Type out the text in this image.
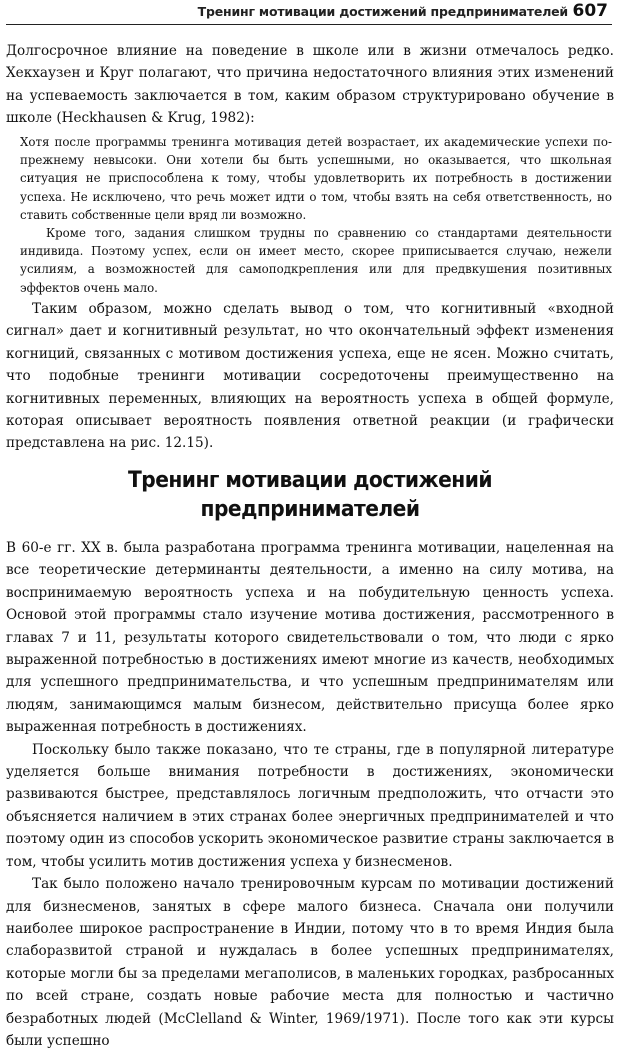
Тренинг мотивации достижений предпринимателей 607

Долгосрочное влияние на поведение в школе или в жизни отмечалось редко. Хекхаузен и Круг полагают, что причина недостаточного влияния этих изменений на успеваемость заключается в том, каким образом структурировано обучение в школе (Heckhausen & Krug, 1982):

Хотя после программы тренинга мотивация детей возрастает, их академические успехи по-прежнему невысоки. Они хотели бы быть успешными, но оказывается, что школьная ситуация не приспособлена к тому, чтобы удовлетворить их потребность в достижении успеха. Не исключено, что речь может идти о том, чтобы взять на себя ответственность, но ставить собственные цели вряд ли возможно.

Кроме того, задания слишком трудны по сравнению со стандартами деятельности индивида. Поэтому успех, если он имеет место, скорее приписывается случаю, нежели усилиям, а возможностей для самоподкрепления или для предвкушения позитивных эффектов очень мало.

Таким образом, можно сделать вывод о том, что когнитивный «входной сигнал» дает и когнитивный результат, но что окончательный эффект изменения когниций, связанных с мотивом достижения успеха, еще не ясен. Можно считать, что подобные тренинги мотивации сосредоточены преимущественно на когнитивных переменных, влияющих на вероятность успеха в общей формуле, которая описывает вероятность появления ответной реакции (и графически представлена на рис. 12.15).

Тренинг мотивации достижений
предпринимателей

В 60-е гг. XX в. была разработана программа тренинга мотивации, нацеленная на все теоретические детерминанты деятельности, а именно на силу мотива, на воспринимаемую вероятность успеха и на побудительную ценность успеха. Основой этой программы стало изучение мотива достижения, рассмотренного в главах 7 и 11, результаты которого свидетельствовали о том, что люди с ярко выраженной потребностью в достижениях имеют многие из качеств, необходимых для успешного предпринимательства, и что успешным предпринимателям или людям, занимающимся малым бизнесом, действительно присуща более ярко выраженная потребность в достижениях.

Поскольку было также показано, что те страны, где в популярной литературе уделяется больше внимания потребности в достижениях, экономически развиваются быстрее, представлялось логичным предположить, что отчасти это объясняется наличием в этих странах более энергичных предпринимателей и что поэтому один из способов ускорить экономическое развитие страны заключается в том, чтобы усилить мотив достижения успеха у бизнесменов.

Так было положено начало тренировочным курсам по мотивации достижений для бизнесменов, занятых в сфере малого бизнеса. Сначала они получили наиболее широкое распространение в Индии, потому что в то время Индия была слаборазвитой страной и нуждалась в более успешных предпринимателях, которые могли бы за пределами мегаполисов, в маленьких городках, разбросанных по всей стране, создать новые рабочие места для полностью и частично безработных людей (McClelland & Winter, 1969/1971). После того как эти курсы были успешно
